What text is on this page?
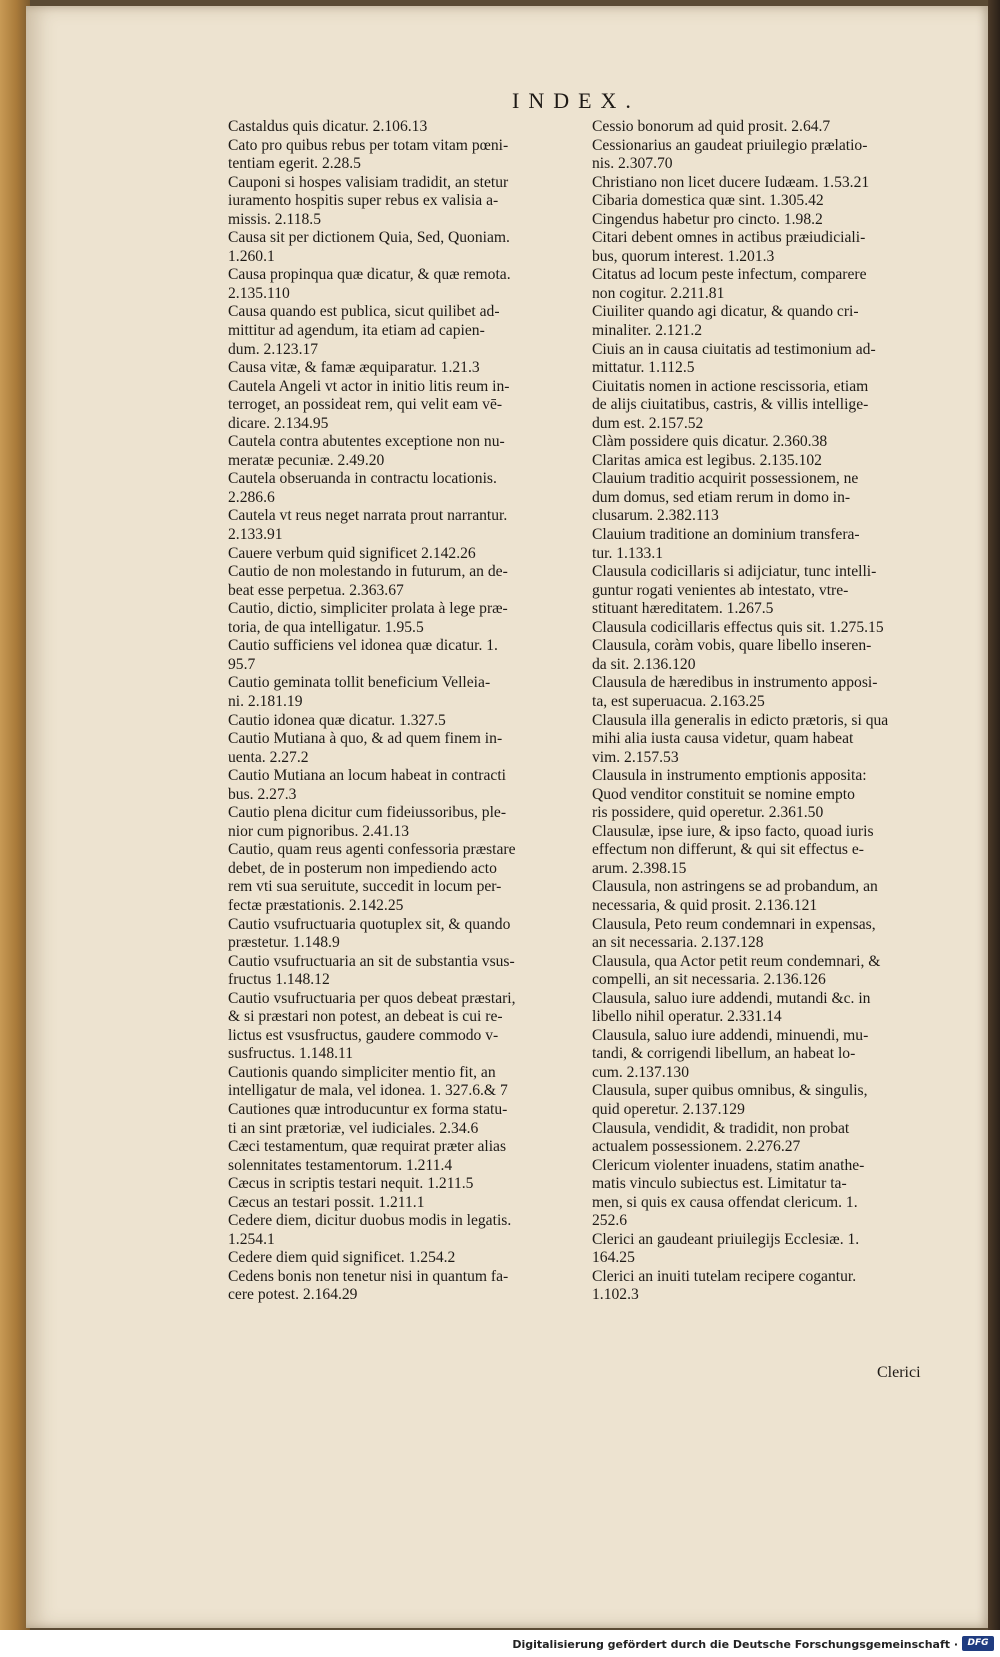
INDEX.
Castaldus quis dicatur. 2.106.13
Cato pro quibus rebus per totam vitam pœni-
tentiam egerit. 2.28.5
Cauponi si hospes valisiam tradidit, an stetur
iuramento hospitis super rebus ex valisia a-
missis. 2.118.5
Causa sit per dictionem Quia, Sed, Quoniam.
1.260.1
Causa propinqua quæ dicatur, & quæ remota.
2.135.110
Causa quando est publica, sicut quilibet ad-
mittitur ad agendum, ita etiam ad capien-
dum. 2.123.17
Causa vitæ, & famæ æquiparatur. 1.21.3
Cautela Angeli vt actor in initio litis reum in-
terroget, an possideat rem, qui velit eam vē-
dicare. 2.134.95
Cautela contra abutentes exceptione non nu-
meratæ pecuniæ. 2.49.20
Cautela obseruanda in contractu locationis.
2.286.6
Cautela vt reus neget narrata prout narrantur.
2.133.91
Cauere verbum quid significet 2.142.26
Cautio de non molestando in futurum, an de-
beat esse perpetua. 2.363.67
Cautio, dictio, simpliciter prolata à lege præ-
toria, de qua intelligatur. 1.95.5
Cautio sufficiens vel idonea quæ dicatur. 1.
95.7
Cautio geminata tollit beneficium Velleia-
ni. 2.181.19
Cautio idonea quæ dicatur. 1.327.5
Cautio Mutiana à quo, & ad quem finem in-
uenta. 2.27.2
Cautio Mutiana an locum habeat in contracti
bus. 2.27.3
Cautio plena dicitur cum fideiussoribus, ple-
nior cum pignoribus. 2.41.13
Cautio, quam reus agenti confessoria præstare
debet, de in posterum non impediendo acto
rem vti sua seruitute, succedit in locum per-
fectæ præstationis. 2.142.25
Cautio vsufructuaria quotuplex sit, & quando
præstetur. 1.148.9
Cautio vsufructuaria an sit de substantia vsus-
fructus 1.148.12
Cautio vsufructuaria per quos debeat præstari,
& si præstari non potest, an debeat is cui re-
lictus est vsusfructus, gaudere commodo v-
susfructus. 1.148.11
Cautionis quando simpliciter mentio fit, an
intelligatur de mala, vel idonea. 1. 327.6.& 7
Cautiones quæ introducuntur ex forma statu-
ti an sint prætoriæ, vel iudiciales. 2.34.6
Cæci testamentum, quæ requirat præter alias
solennitates testamentorum. 1.211.4
Cæcus in scriptis testari nequit. 1.211.5
Cæcus an testari possit. 1.211.1
Cedere diem, dicitur duobus modis in legatis.
1.254.1
Cedere diem quid significet. 1.254.2
Cedens bonis non tenetur nisi in quantum fa-
cere potest. 2.164.29
Cessio bonorum ad quid prosit. 2.64.7
Cessionarius an gaudeat priuilegio prælatio-
nis. 2.307.70
Christiano non licet ducere Iudæam. 1.53.21
Cibaria domestica quæ sint. 1.305.42
Cingendus habetur pro cincto. 1.98.2
Citari debent omnes in actibus præiudiciali-
bus, quorum interest. 1.201.3
Citatus ad locum peste infectum, comparere
non cogitur. 2.211.81
Ciuiliter quando agi dicatur, & quando cri-
minaliter. 2.121.2
Ciuis an in causa ciuitatis ad testimonium ad-
mittatur. 1.112.5
Ciuitatis nomen in actione rescissoria, etiam
de alijs ciuitatibus, castris, & villis intellige-
dum est. 2.157.52
Clàm possidere quis dicatur. 2.360.38
Claritas amica est legibus. 2.135.102
Clauium traditio acquirit possessionem, ne
dum domus, sed etiam rerum in domo in-
clusarum. 2.382.113
Clauium traditione an dominium transfera-
tur. 1.133.1
Clausula codicillaris si adijciatur, tunc intelli-
guntur rogati venientes ab intestato, vtre-
stituant hæreditatem. 1.267.5
Clausula codicillaris effectus quis sit. 1.275.15
Clausula, coràm vobis, quare libello inseren-
da sit. 2.136.120
Clausula de hæredibus in instrumento apposi-
ta, est superuacua. 2.163.25
Clausula illa generalis in edicto prætoris, si qua
mihi alia iusta causa videtur, quam habeat
vim. 2.157.53
Clausula in instrumento emptionis apposita:
Quod venditor constituit se nomine empto
ris possidere, quid operetur. 2.361.50
Clausulæ, ipse iure, & ipso facto, quoad iuris
effectum non differunt, & qui sit effectus e-
arum. 2.398.15
Clausula, non astringens se ad probandum, an
necessaria, & quid prosit. 2.136.121
Clausula, Peto reum condemnari in expensas,
an sit necessaria. 2.137.128
Clausula, qua Actor petit reum condemnari, &
compelli, an sit necessaria. 2.136.126
Clausula, saluo iure addendi, mutandi &c. in
libello nihil operatur. 2.331.14
Clausula, saluo iure addendi, minuendi, mu-
tandi, & corrigendi libellum, an habeat lo-
cum. 2.137.130
Clausula, super quibus omnibus, & singulis,
quid operetur. 2.137.129
Clausula, vendidit, & tradidit, non probat
actualem possessionem. 2.276.27
Clericum violenter inuadens, statim anathe-
matis vinculo subiectus est. Limitatur ta-
men, si quis ex causa offendat clericum. 1.
252.6
Clerici an gaudeant priuilegijs Ecclesiæ. 1.
164.25
Clerici an inuiti tutelam recipere cogantur.
1.102.3
Clerici
Digitalisierung gefördert durch die Deutsche Forschungsgemeinschaft ·	DFG
